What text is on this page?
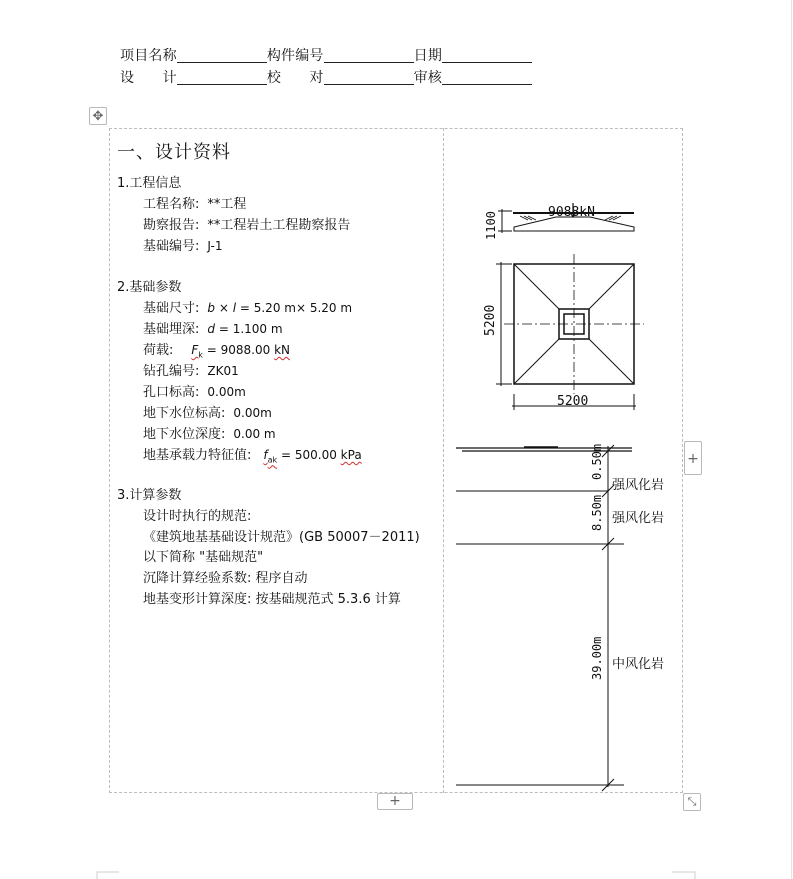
项目名称	构件编号	日期
设　　计	校　　对	审核
✥
+
+	⤡
一、设计资料
1.工程信息
工程名称: **工程
勘察报告: **工程岩土工程勘察报告
基础编号: J-1
2.基础参数
基础尺寸: b × l = 5.20 m× 5.20 m
基础埋深: d = 1.100 m
荷载: $F_k = 9088.00$ kN
钻孔编号: ZK01
孔口标高: 0.00m
地下水位标高: 0.00m
地下水位深度: 0.00 m
地基承载力特征值: $f_{ak} = 500.00$ kPa
3.计算参数
设计时执行的规范:
《建筑地基基础设计规范》(GB 50007－2011)
以下简称 "基础规范"
沉降计算经验系数: 程序自动
地基变形计算深度: 按基础规范式 5.3.6 计算
9088kN
1100
5200
5200
0.50m
8.50m
39.00m
强风化岩
强风化岩
中风化岩
